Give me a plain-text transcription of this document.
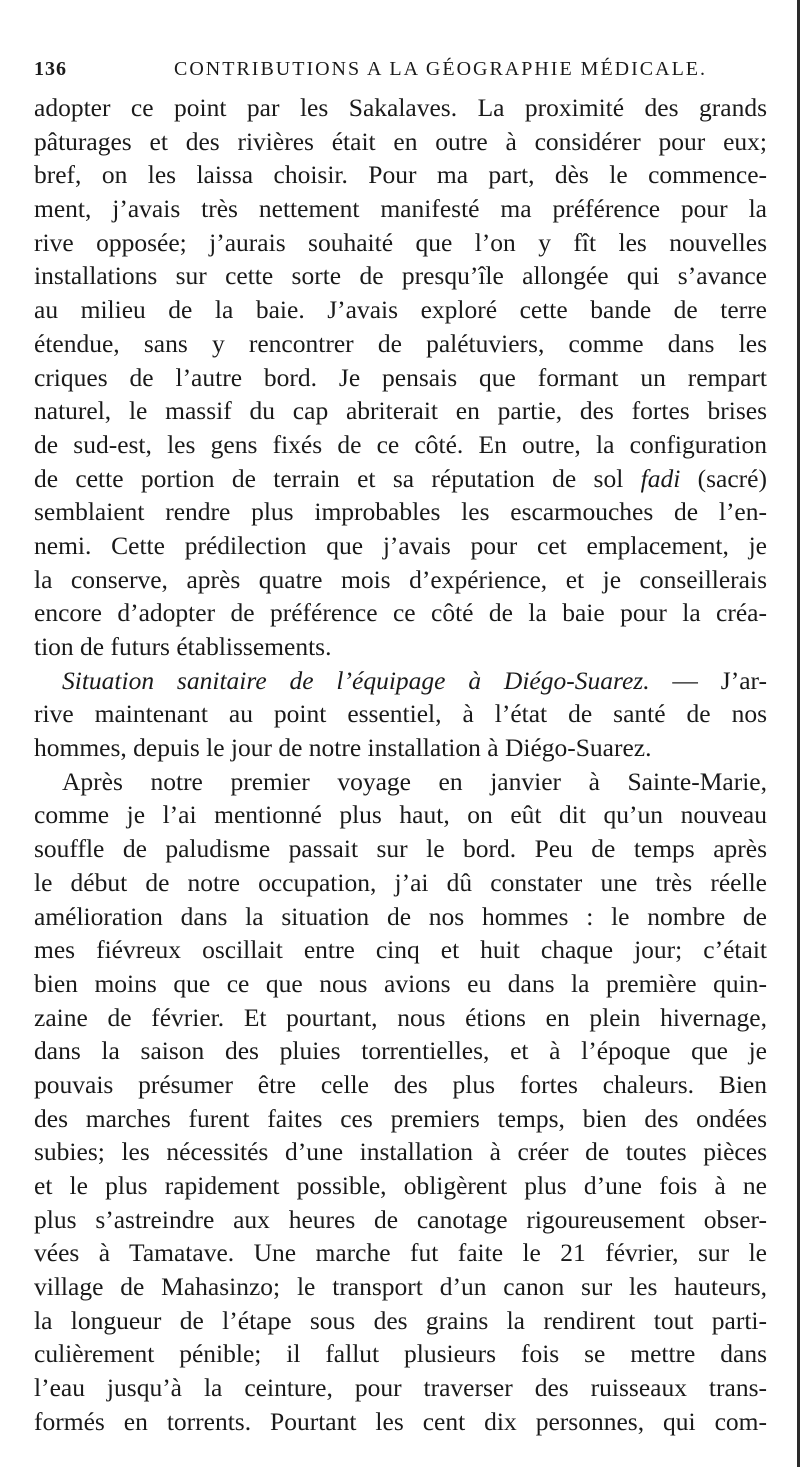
136	CONTRIBUTIONS A LA GÉOGRAPHIE MÉDICALE.
adopter ce point par les Sakalaves. La proximité des grands
pâturages et des rivières était en outre à considérer pour eux;
bref, on les laissa choisir. Pour ma part, dès le commence-
ment, j’avais très nettement manifesté ma préférence pour la
rive opposée; j’aurais souhaité que l’on y fît les nouvelles
installations sur cette sorte de presqu’île allongée qui s’avance
au milieu de la baie. J’avais exploré cette bande de terre
étendue, sans y rencontrer de palétuviers, comme dans les
criques de l’autre bord. Je pensais que formant un rempart
naturel, le massif du cap abriterait en partie, des fortes brises
de sud-est, les gens fixés de ce côté. En outre, la configuration
de cette portion de terrain et sa réputation de sol fadi (sacré)
semblaient rendre plus improbables les escarmouches de l’en-
nemi. Cette prédilection que j’avais pour cet emplacement, je
la conserve, après quatre mois d’expérience, et je conseillerais
encore d’adopter de préférence ce côté de la baie pour la créa-
tion de futurs établissements.
Situation sanitaire de l’équipage à Diégo-Suarez. — J’ar-
rive maintenant au point essentiel, à l’état de santé de nos
hommes, depuis le jour de notre installation à Diégo-Suarez.
Après notre premier voyage en janvier à Sainte-Marie,
comme je l’ai mentionné plus haut, on eût dit qu’un nouveau
souffle de paludisme passait sur le bord. Peu de temps après
le début de notre occupation, j’ai dû constater une très réelle
amélioration dans la situation de nos hommes : le nombre de
mes fiévreux oscillait entre cinq et huit chaque jour; c’était
bien moins que ce que nous avions eu dans la première quin-
zaine de février. Et pourtant, nous étions en plein hivernage,
dans la saison des pluies torrentielles, et à l’époque que je
pouvais présumer être celle des plus fortes chaleurs. Bien
des marches furent faites ces premiers temps, bien des ondées
subies; les nécessités d’une installation à créer de toutes pièces
et le plus rapidement possible, obligèrent plus d’une fois à ne
plus s’astreindre aux heures de canotage rigoureusement obser-
vées à Tamatave. Une marche fut faite le 21 février, sur le
village de Mahasinzo; le transport d’un canon sur les hauteurs,
la longueur de l’étape sous des grains la rendirent tout parti-
culièrement pénible; il fallut plusieurs fois se mettre dans
l’eau jusqu’à la ceinture, pour traverser des ruisseaux trans-
formés en torrents. Pourtant les cent dix personnes, qui com-
